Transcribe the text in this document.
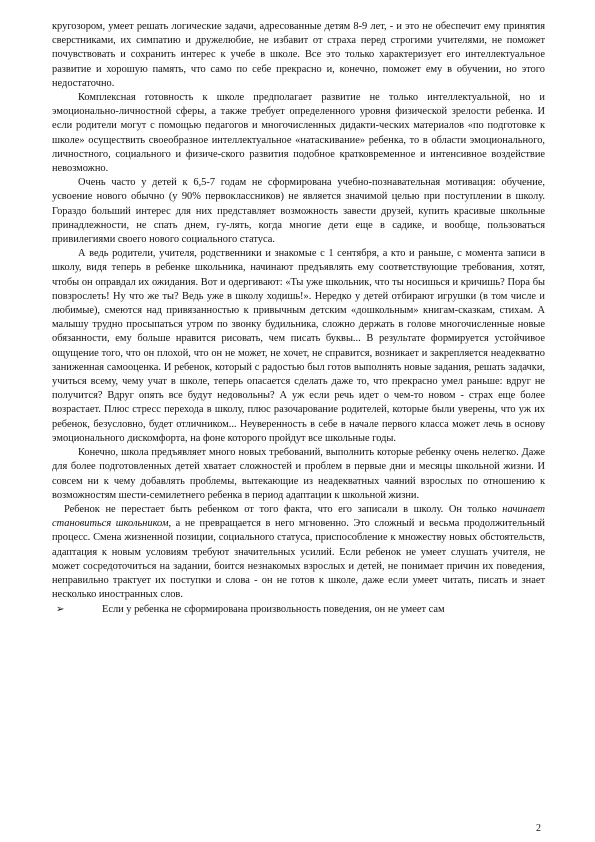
кругозором, умеет решать логические задачи, адресованные детям 8-9 лет, - и это не обеспечит ему принятия сверстниками, их симпатию и дружелюбие, не избавит от страха перед строгими учителями, не поможет почувствовать и сохранить интерес к учебе в школе. Все это только характеризует его интеллектуальное развитие и хорошую память, что само по себе прекрасно и, конечно, поможет ему в обучении, но этого недостаточно.

Комплексная готовность к школе предполагает развитие не только интеллектуальной, но и эмоционально-личностной сферы, а также требует определенного уровня физической зрелости ребенка. И если родители могут с помощью педагогов и многочисленных дидакти-ческих материалов «по подготовке к школе» осуществить своеобразное интеллектуальное «натаскивание» ребенка, то в области эмоционального, личностного, социального и физиче-ского развития подобное кратковременное и интенсивное воздействие невозможно.

Очень часто у детей к 6,5-7 годам не сформирована учебно-познавательная мотивация: обучение, усвоение нового обычно (у 90% первоклассников) не является значимой целью при поступлении в школу. Гораздо больший интерес для них представляет возможность завести друзей, купить красивые школьные принадлежности, не спать днем, гу-лять, когда многие дети еще в садике, и вообще, пользоваться привилегиями своего нового социального статуса.

А ведь родители, учителя, родственники и знакомые с 1 сентября, а кто и раньше, с момента записи в школу, видя теперь в ребенке школьника, начинают предъявлять ему соответствующие требования, хотят, чтобы он оправдал их ожидания. Вот и одергивают: «Ты уже школьник, что ты носишься и кричишь? Пора бы повзрослеть! Ну что же ты? Ведь уже в школу ходишь!». Нередко у детей отбирают игрушки (в том числе и любимые), смеются над привязанностью к привычным детским «дошкольным» книгам-сказкам, стихам. А малышу трудно просыпаться утром по звонку будильника, сложно держать в голове многочисленные новые обязанности, ему больше нравится рисовать, чем писать буквы... В результате формируется устойчивое ощущение того, что он плохой, что он не может, не хочет, не справится, возникает и закрепляется неадекватно заниженная самооценка. И ребенок, который с радостью был готов выполнять новые задания, решать задачки, учиться всему, чему учат в школе, теперь опасается сделать даже то, что прекрасно умел раньше: вдруг не получится? Вдруг опять все будут недовольны? А уж если речь идет о чем-то новом - страх еще более возрастает. Плюс стресс перехода в школу, плюс разочарование родителей, которые были уверены, что уж их ребенок, безусловно, будет отличником... Неуверенность в себе в начале первого класса может лечь в основу эмоционального дискомфорта, на фоне которого пройдут все школьные годы.

Конечно, школа предъявляет много новых требований, выполнить которые ребенку очень нелегко. Даже для более подготовленных детей хватает сложностей и проблем в первые дни и месяцы школьной жизни. И совсем ни к чему добавлять проблемы, вытекающие из неадекватных чаяний взрослых по отношению к возможностям шести-семилетнего ребенка в период адаптации к школьной жизни.

Ребенок не перестает быть ребенком от того факта, что его записали в школу. Он только начинает становиться школьником, а не превращается в него мгновенно. Это сложный и весьма продолжительный процесс. Смена жизненной позиции, социального статуса, приспособление к множеству новых обстоятельств, адаптация к новым условиям требуют значительных усилий. Если ребенок не умеет слушать учителя, не может сосредоточиться на задании, боится незнакомых взрослых и детей, не понимает причин их поведения, неправильно трактует их поступки и слова - он не готов к школе, даже если умеет читать, писать и знает несколько иностранных слов.

➢	Если у ребенка не сформирована произвольность поведения, он не умеет сам
2
